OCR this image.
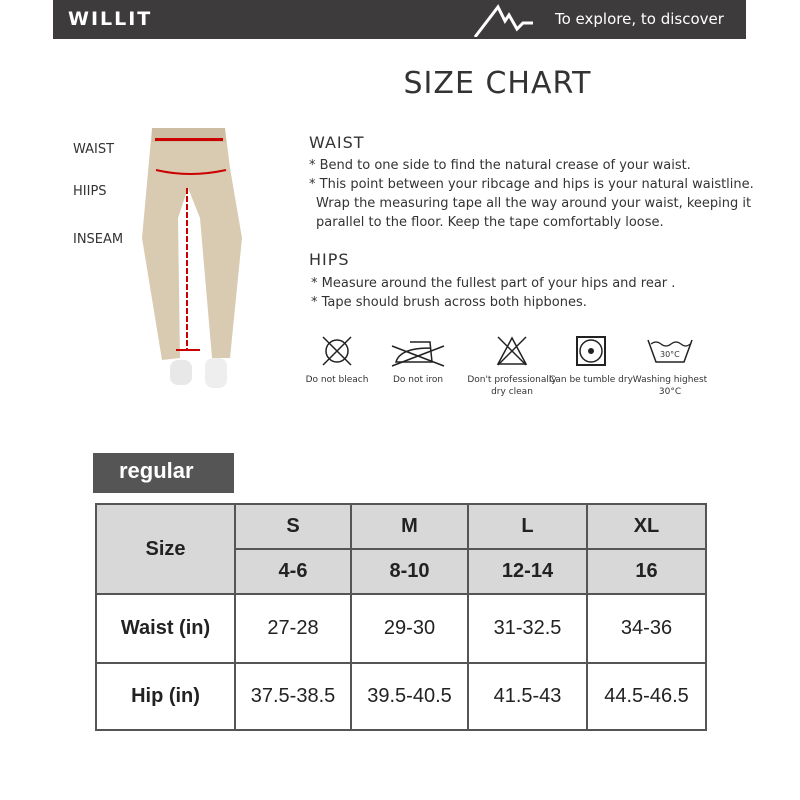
WILLIT	To explore, to discover
SIZE CHART
WAIST
HIIPS
INSEAM
WAIST
* Bend to one side to find the natural crease of your waist.
* This point between your ribcage and hips is your natural waistline.
Wrap the measuring tape all the way around your waist, keeping it
parallel to the floor. Keep the tape comfortably loose.
HIPS
* Measure around the fullest part of your hips and rear .
* Tape should brush across both hipbones.
Do not bleach	Do not iron	Don't professionally dry clean
Can be tumble dry
30°C
Washing highest 30°C
regular
Size	S	M	L	XL
	4-6	8-10	12-14	16
Waist (in)	27-28	29-30	31-32.5	34-36
Hip (in)	37.5-38.5	39.5-40.5	41.5-43	44.5-46.5
